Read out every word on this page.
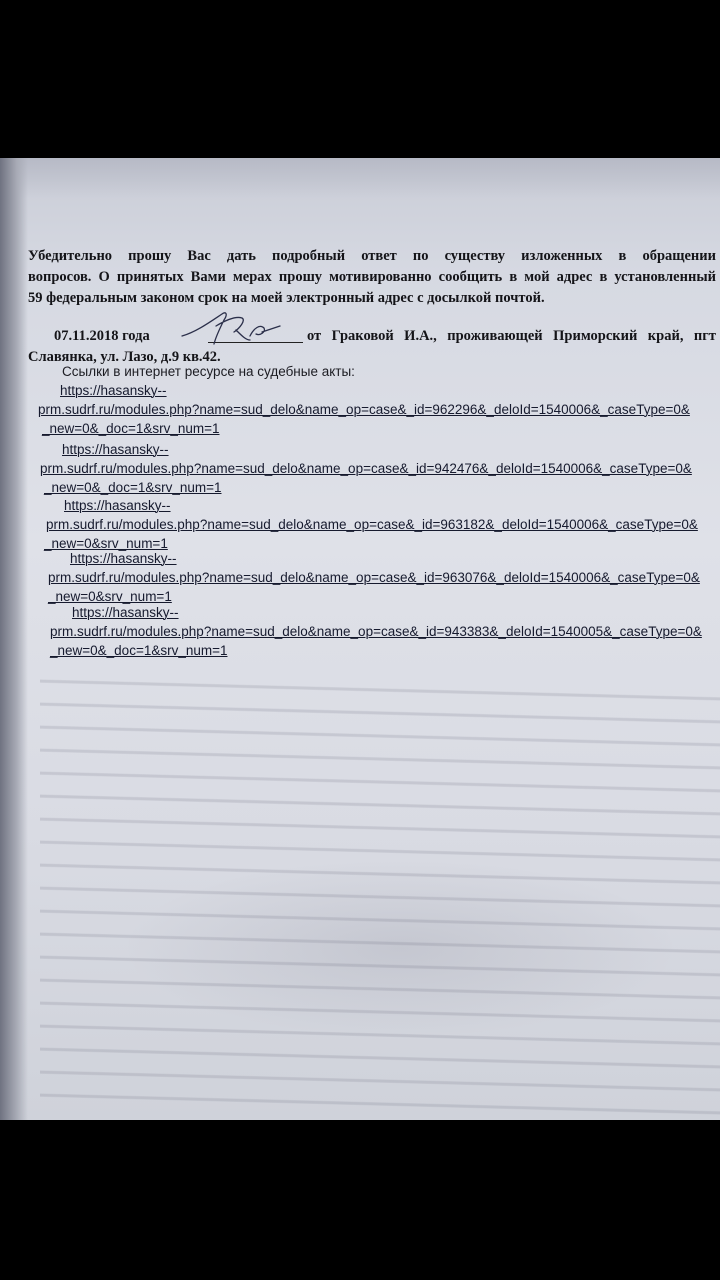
Убедительно прошу Вас дать подробный ответ по существу изложенных в обращении
вопросов. О принятых Вами мерах прошу мотивированно сообщить в мой адрес в установленный
59 федеральным законом срок на моей электронный адрес с досылкой почтой.
07.11.2018 года	от Граковой И.А., проживающей Приморский край, пгт
Славянка, ул. Лазо, д.9 кв.42.
Ссылки в интернет ресурсе на судебные акты:
https://hasansky--
prm.sudrf.ru/modules.php?name=sud_delo&name_op=case&_id=962296&_deloId=1540006&_caseType=0&
_new=0&_doc=1&srv_num=1
https://hasansky--
prm.sudrf.ru/modules.php?name=sud_delo&name_op=case&_id=942476&_deloId=1540006&_caseType=0&
_new=0&_doc=1&srv_num=1
https://hasansky--
prm.sudrf.ru/modules.php?name=sud_delo&name_op=case&_id=963182&_deloId=1540006&_caseType=0&
_new=0&srv_num=1
https://hasansky--
prm.sudrf.ru/modules.php?name=sud_delo&name_op=case&_id=963076&_deloId=1540006&_caseType=0&
_new=0&srv_num=1
https://hasansky--
prm.sudrf.ru/modules.php?name=sud_delo&name_op=case&_id=943383&_deloId=1540005&_caseType=0&
_new=0&_doc=1&srv_num=1
